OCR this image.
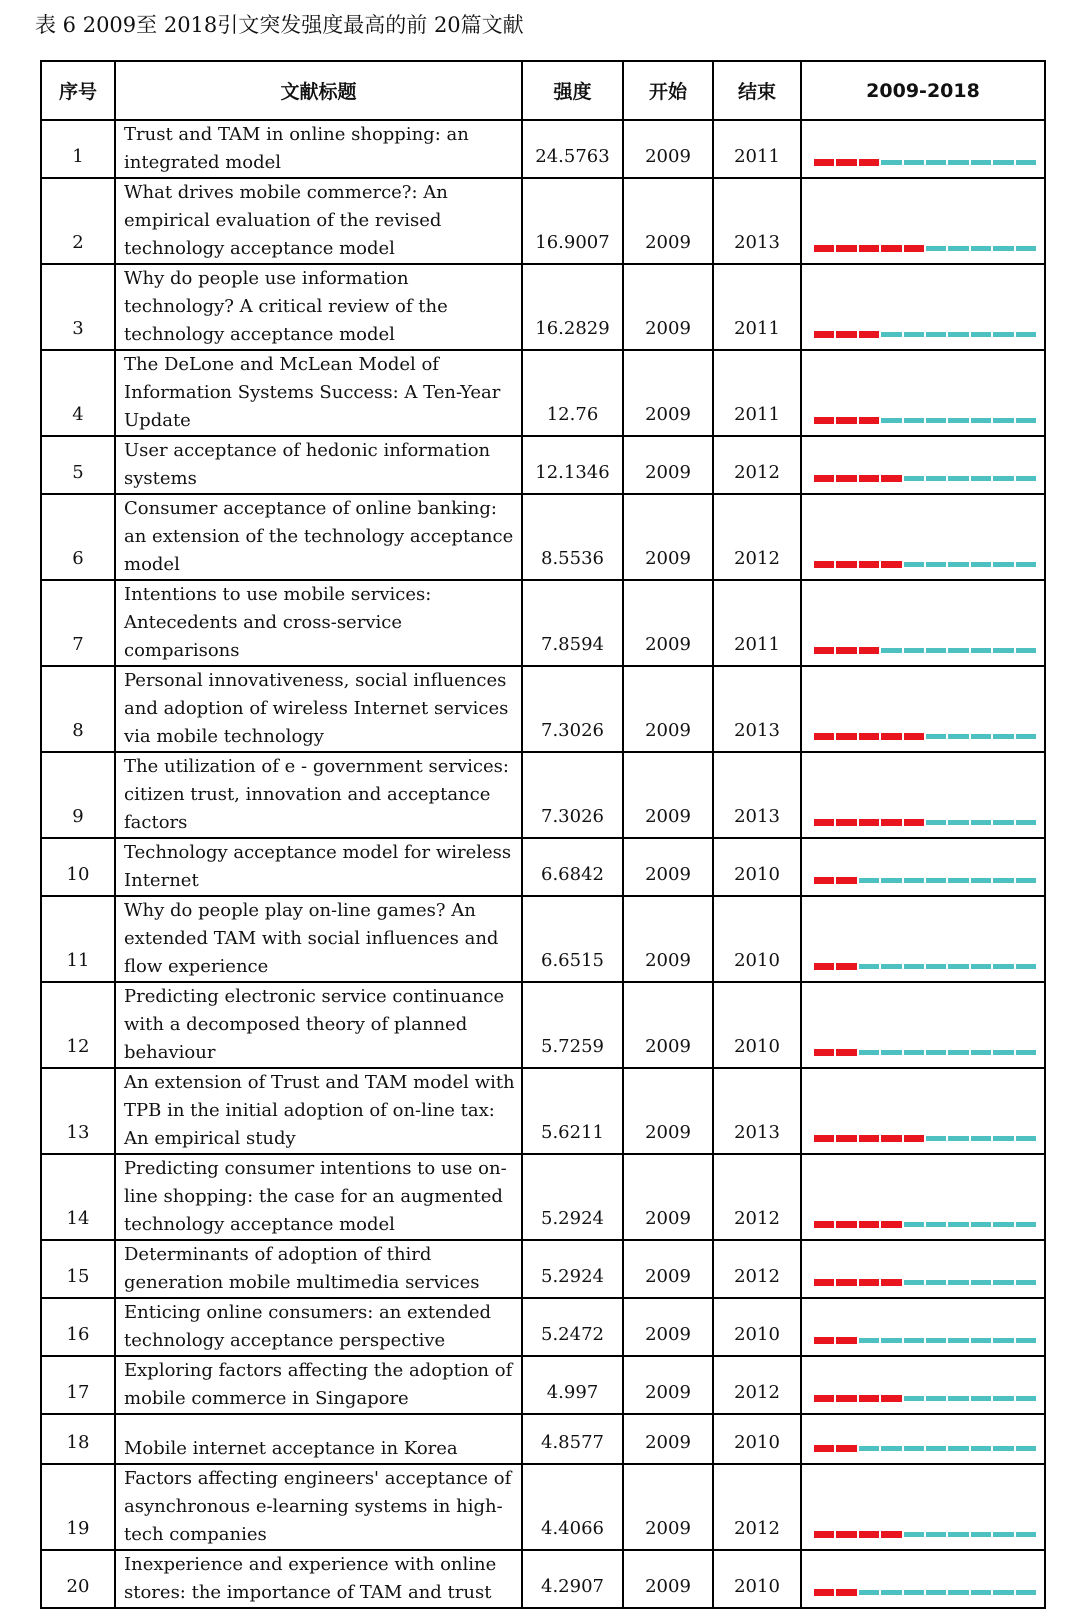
表 6 2009至 2018引文突发强度最高的前 20篇文献
序号	文献标题	强度	开始	结束	2009-2018
1	Trust and TAM in online shopping: an integrated model	24.5763	2009	2011	

2	What drives mobile commerce?: An empirical evaluation of the revised technology acceptance model	16.9007	2009	2013	

3	Why do people use information technology? A critical review of the technology acceptance model	16.2829	2009	2011	

4	The DeLone and McLean Model of Information Systems Success: A Ten-Year Update	12.76	2009	2011	

5	User acceptance of hedonic information systems	12.1346	2009	2012	

6	Consumer acceptance of online banking: an extension of the technology acceptance model	8.5536	2009	2012	

7	Intentions to use mobile services: Antecedents and cross-service comparisons	7.8594	2009	2011	

8	Personal innovativeness, social influences and adoption of wireless Internet services via mobile technology	7.3026	2009	2013	

9	The utilization of e - government services: citizen trust, innovation and acceptance factors	7.3026	2009	2013	

10	Technology acceptance model for wireless Internet	6.6842	2009	2010	

11	Why do people play on-line games? An extended TAM with social influences and flow experience	6.6515	2009	2010	

12	Predicting electronic service continuance with a decomposed theory of planned behaviour	5.7259	2009	2010	

13	An extension of Trust and TAM model with TPB in the initial adoption of on-line tax: An empirical study	5.6211	2009	2013	

14	Predicting consumer intentions to use on-line shopping: the case for an augmented technology acceptance model	5.2924	2009	2012	

15	Determinants of adoption of third generation mobile multimedia services	5.2924	2009	2012	

16	Enticing online consumers: an extended technology acceptance perspective	5.2472	2009	2010	

17	Exploring factors affecting the adoption of mobile commerce in Singapore	4.997	2009	2012	

18	Mobile internet acceptance in Korea	4.8577	2009	2010	

19	Factors affecting engineers' acceptance of asynchronous e-learning systems in high-tech companies	4.4066	2009	2012	

20	Inexperience and experience with online stores: the importance of TAM and trust	4.2907	2009	2010	
